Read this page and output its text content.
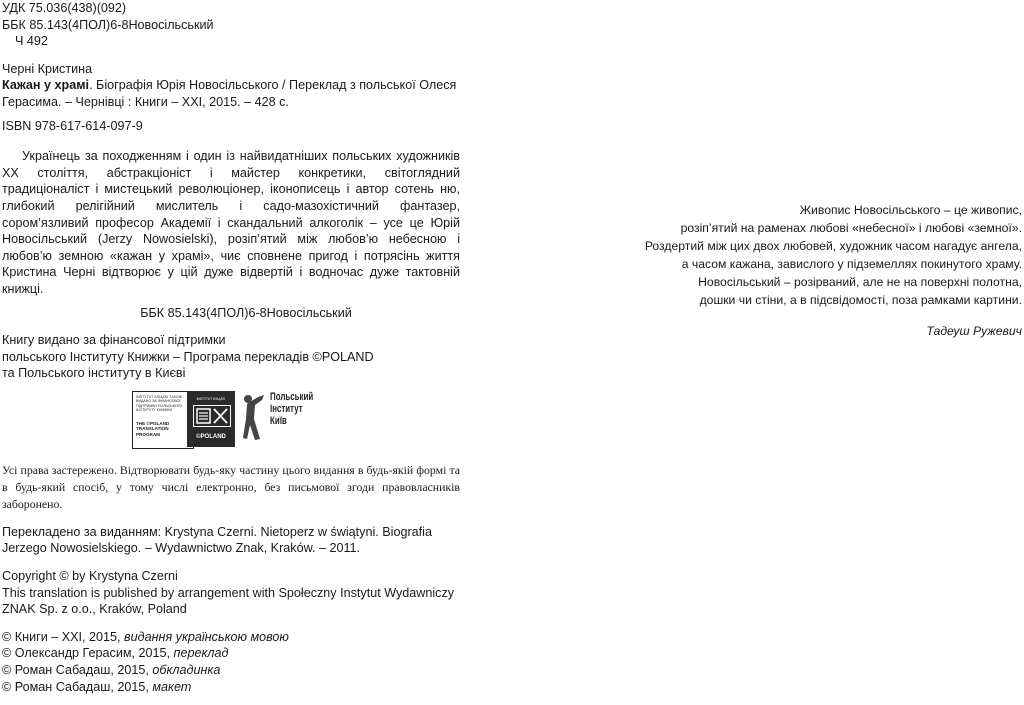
УДК 75.036(438)(092)
ББК 85.143(4ПОЛ)6-8Новосільський
Ч 492
Черні Кристина
Кажан у храмі. Біографія Юрія Новосільського / Переклад з польської Олеся
Герасима. – Чернівці : Книги – XXI, 2015. – 428 с.
ISBN 978-617-614-097-9

Українець за походженням і один із найвидатніших польських художників XX століття, абстракціоніст і майстер конкретики, світоглядний традиціоналіст і мистецький революціонер, іконописець і автор сотень ню, глибокий релігійний мислитель і садо-мазохістичний фантазер, сором’язливий професор Академії і скандальний алкоголік – усе це Юрій Новосільський (Jerzy Nowosielski), розіп’ятий між любов’ю небесною і любов’ю земною «кажан у храмі», чиє сповнене пригод і потрясінь життя Кристина Черні відтворює у цій дуже відвертій і водночас дуже тактовній книжці.

ББК 85.143(4ПОЛ)6-8Новосільський
Книгу видано за фінансової підтримки
польського Інституту Книжки – Програма перекладів ©POLAND
та Польського інституту в Києві
INSTYTUT KSIĄŻKI ТАКОЖ ВИДАНО ЗА ФІНАНСОВОЇ ПІДТРИМКИ ПОЛЬСЬКОГО ІНСТИТУТУ КНИЖКИ
THE ©POLAND
TRANSLATION
PROGRAM
INSTYTUT KSIĄŻKI
©POLAND
Польський
Інститут
Київ

Усі права застережено. Відтворювати будь-яку частину цього видання в будь-якій формі та в будь-який спосіб, у тому числі електронно, без письмової згоди правовласників заборонено.

Перекладено за виданням: Krystyna Czerni. Nietoperz w świątyni. Biografia
Jerzego Nowosielskiego. – Wydawnictwo Znak, Kraków. – 2011.
Copyright © by Krystyna Czerni
This translation is published by arrangement with Społeczny Instytut Wydawniczy
ZNAK Sp. z o.o., Kraków, Poland
© Книги – XXI, 2015, видання українською мовою
© Олександр Герасим, 2015, переклад
© Роман Сабадаш, 2015, обкладинка
© Роман Сабадаш, 2015, макет
Живопис Новосільського – це живопис,
розіп’ятий на раменах любові «небесної» і любові «земної».
Роздертий між цих двох любовей, художник часом нагадує ангела,
а часом кажана, завислого у підземеллях покинутого храму.
Новосільський – розірваний, але не на поверхні полотна,
дошки чи стіни, а в підсвідомості, поза рамками картини.
Тадеуш Ружевич
